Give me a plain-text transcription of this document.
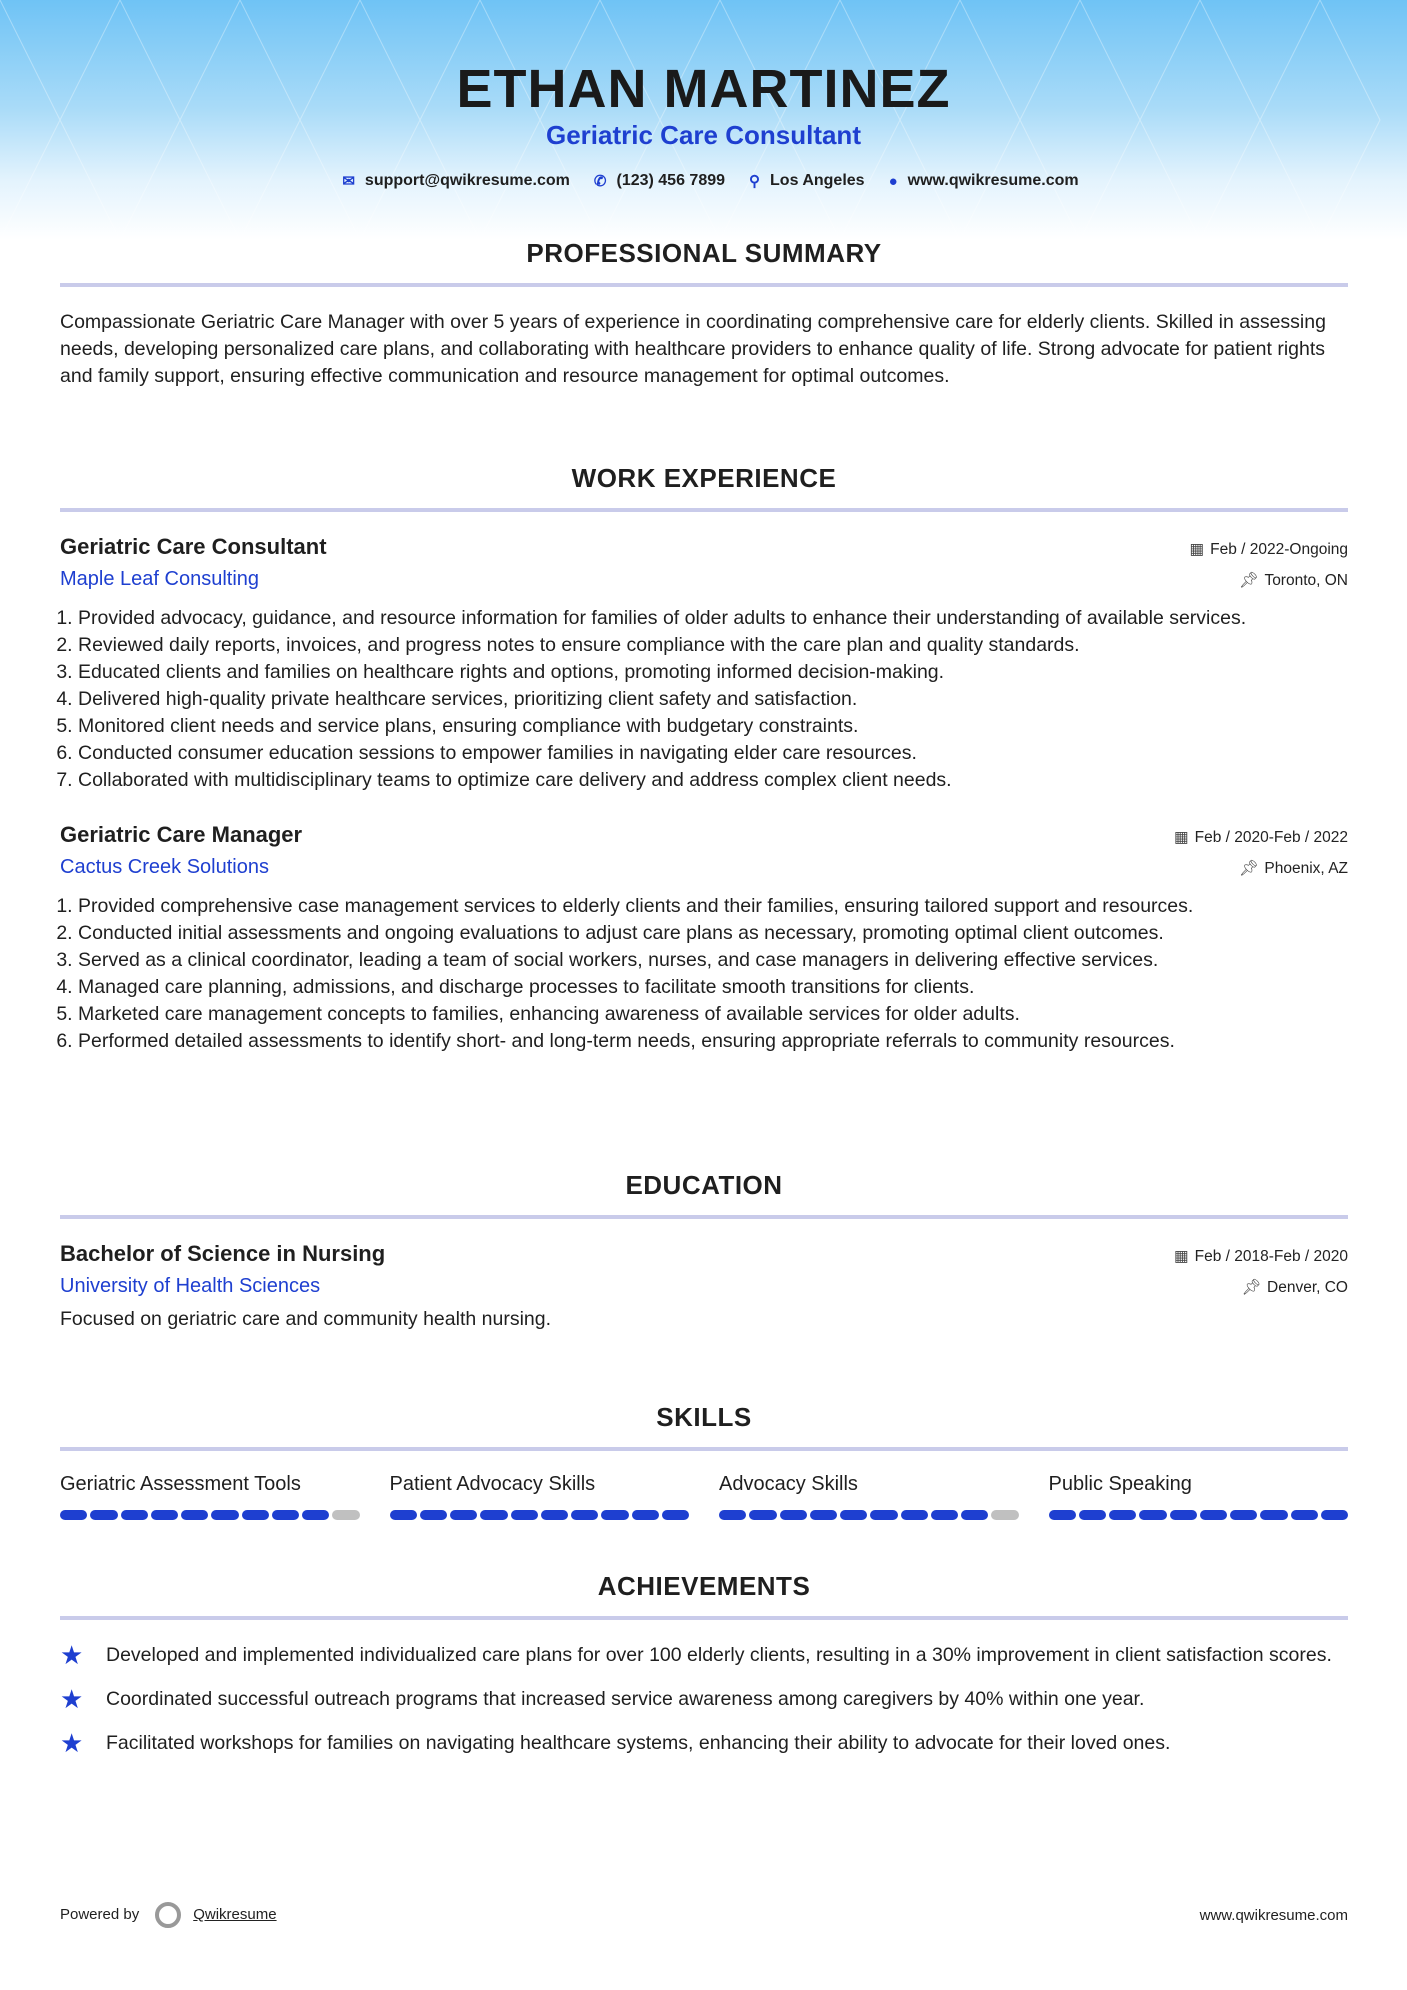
ETHAN MARTINEZ
Geriatric Care Consultant
✉ support@qwikresume.com ✆ (123) 456 7899 ⚲ Los Angeles ● www.qwikresume.com
PROFESSIONAL SUMMARY

Compassionate Geriatric Care Manager with over 5 years of experience in coordinating comprehensive care for elderly clients. Skilled in assessing needs, developing personalized care plans, and collaborating with healthcare providers to enhance quality of life. Strong advocate for patient rights and family support, ensuring effective communication and resource management for optimal outcomes.

WORK EXPERIENCE
Geriatric Care Consultant	▦ Feb / 2022-Ongoing
Maple Leaf Consulting	📌︎ Toronto, ON
1. Provided advocacy, guidance, and resource information for families of older adults to enhance their understanding of available services.
2. Reviewed daily reports, invoices, and progress notes to ensure compliance with the care plan and quality standards.
3. Educated clients and families on healthcare rights and options, promoting informed decision-making.
4. Delivered high-quality private healthcare services, prioritizing client safety and satisfaction.
5. Monitored client needs and service plans, ensuring compliance with budgetary constraints.
6. Conducted consumer education sessions to empower families in navigating elder care resources.
7. Collaborated with multidisciplinary teams to optimize care delivery and address complex client needs.
Geriatric Care Manager	▦ Feb / 2020-Feb / 2022
Cactus Creek Solutions	📌︎ Phoenix, AZ
1. Provided comprehensive case management services to elderly clients and their families, ensuring tailored support and resources.
2. Conducted initial assessments and ongoing evaluations to adjust care plans as necessary, promoting optimal client outcomes.
3. Served as a clinical coordinator, leading a team of social workers, nurses, and case managers in delivering effective services.
4. Managed care planning, admissions, and discharge processes to facilitate smooth transitions for clients.
5. Marketed care management concepts to families, enhancing awareness of available services for older adults.
6. Performed detailed assessments to identify short- and long-term needs, ensuring appropriate referrals to community resources.
EDUCATION
Bachelor of Science in Nursing	▦ Feb / 2018-Feb / 2020
University of Health Sciences	📌︎ Denver, CO

Focused on geriatric care and community health nursing.

SKILLS
Geriatric Assessment Tools	Patient Advocacy Skills	Advocacy Skills	Public Speaking
ACHIEVEMENTS
★	Developed and implemented individualized care plans for over 100 elderly clients, resulting in a 30% improvement in client satisfaction scores.
★	Coordinated successful outreach programs that increased service awareness among caregivers by 40% within one year.
★	Facilitated workshops for families on navigating healthcare systems, enhancing their ability to advocate for their loved ones.
Powered by	Qwikresume	www.qwikresume.com
